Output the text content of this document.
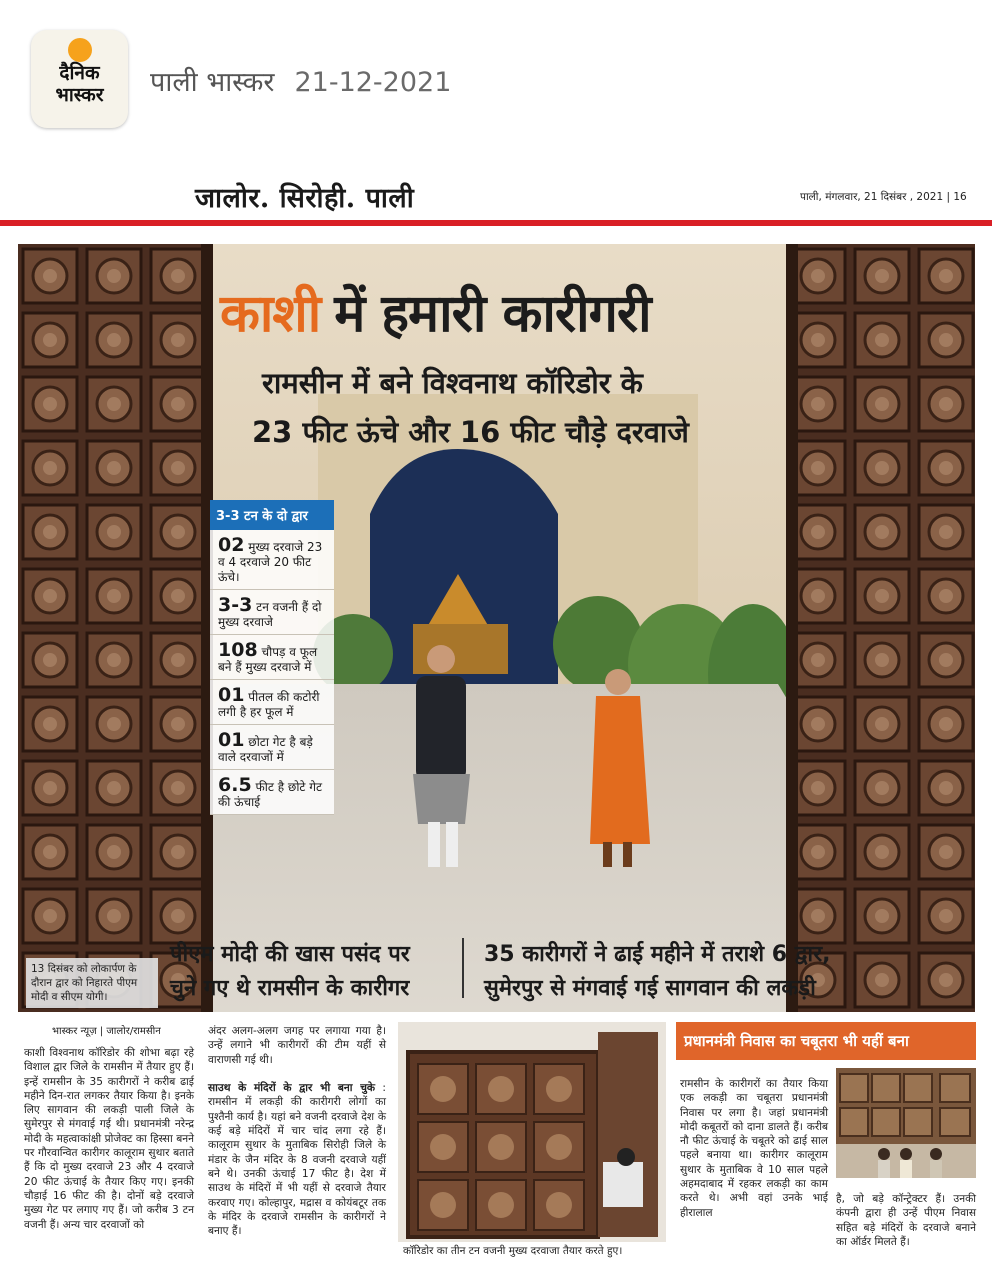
दैनिक
भास्कर	पाली भास्कर 21-12-2021
जालोर. सिरोही. पाली	पाली, मंगलवार, 21 दिसंबर , 2021 | 16
काशी में हमारी कारीगरी
रामसीन में बने विश्वनाथ कॉरिडोर के
23 फीट ऊंचे और 16 फीट चौड़े दरवाजे
3-3 टन के दो द्वार
02 मुख्य दरवाजे 23 व 4 दरवाजे 20 फीट ऊंचे।
3-3 टन वजनी हैं दो मुख्य दरवाजे
108 चौपड़ व फूल बने हैं मुख्य दरवाजे में
01 पीतल की कटोरी लगी है हर फूल में
01 छोटा गेट है बड़े वाले दरवाजों में
6.5 फीट है छोटे गेट की ऊंचाई
13 दिसंबर को लोकार्पण के दौरान द्वार को निहारते पीएम मोदी व सीएम योगी।
पीएम मोदी की खास पसंद पर
चुने गए थे रामसीन के कारीगर
35 कारीगरों ने ढाई महीने में तराशे 6 द्वार,
सुमेरपुर से मंगवाई गई सागवान की लकड़ी
भास्कर न्यूज़ | जालोर/रामसीन
काशी विश्वनाथ कॉरिडोर की शोभा बढ़ा रहे विशाल द्वार जिले के रामसीन में तैयार हुए हैं। इन्हें रामसीन के 35 कारीगरों ने करीब ढाई महीने दिन-रात लगकर तैयार किया है। इनके लिए सागवान की लकड़ी पाली जिले के सुमेरपुर से मंगवाई गई थी। प्रधानमंत्री नरेन्द्र मोदी के महत्वाकांक्षी प्रोजेक्ट का हिस्सा बनने पर गौरवान्वित कारीगर कालूराम सुथार बताते हैं कि दो मुख्य दरवाजे 23 और 4 दरवाजे 20 फीट ऊंचाई के तैयार किए गए। इनकी चौड़ाई 16 फीट की है। दोनों बड़े दरवाजे मुख्य गेट पर लगाए गए हैं। जो करीब 3 टन वजनी हैं। अन्य चार दरवाजों को
अंदर अलग-अलग जगह पर लगाया गया है। उन्हें लगाने भी कारीगरों की टीम यहीं से वाराणसी गई थी।

साउथ के मंदिरों के द्वार भी बना चुके : रामसीन में लकड़ी की कारीगरी लोगों का पुश्तैनी कार्य है। यहां बने वजनी दरवाजे देश के कई बड़े मंदिरों में चार चांद लगा रहे हैं। कालूराम सुथार के मुताबिक सिरोही जिले के मंडार के जैन मंदिर के 8 वजनी दरवाजे यहीं बने थे। उनकी ऊंचाई 17 फीट है। देश में साउथ के मंदिरों में भी यहीं से दरवाजे तैयार करवाए गए। कोल्हापुर, मद्रास व कोयंबटूर तक के मंदिर के दरवाजे रामसीन के कारीगरों ने बनाए हैं।
कॉरिडोर का तीन टन वजनी मुख्य दरवाजा तैयार करते हुए।
प्रधानमंत्री निवास का चबूतरा भी यहीं बना
रामसीन के कारीगरों का तैयार किया एक लकड़ी का चबूतरा प्रधानमंत्री निवास पर लगा है। जहां प्रधानमंत्री मोदी कबूतरों को दाना डालते हैं। करीब नौ फीट ऊंचाई के चबूतरे को ढाई साल पहले बनाया था। कारीगर कालूराम सुथार के मुताबिक वे 10 साल पहले अहमदाबाद में रहकर लकड़ी का काम करते थे। अभी वहां उनके भाई हीरालाल
है, जो बड़े कॉन्ट्रेक्टर हैं। उनकी कंपनी द्वारा ही उन्हें पीएम निवास सहित बड़े मंदिरों के दरवाजे बनाने का ऑर्डर मिलते हैं।
